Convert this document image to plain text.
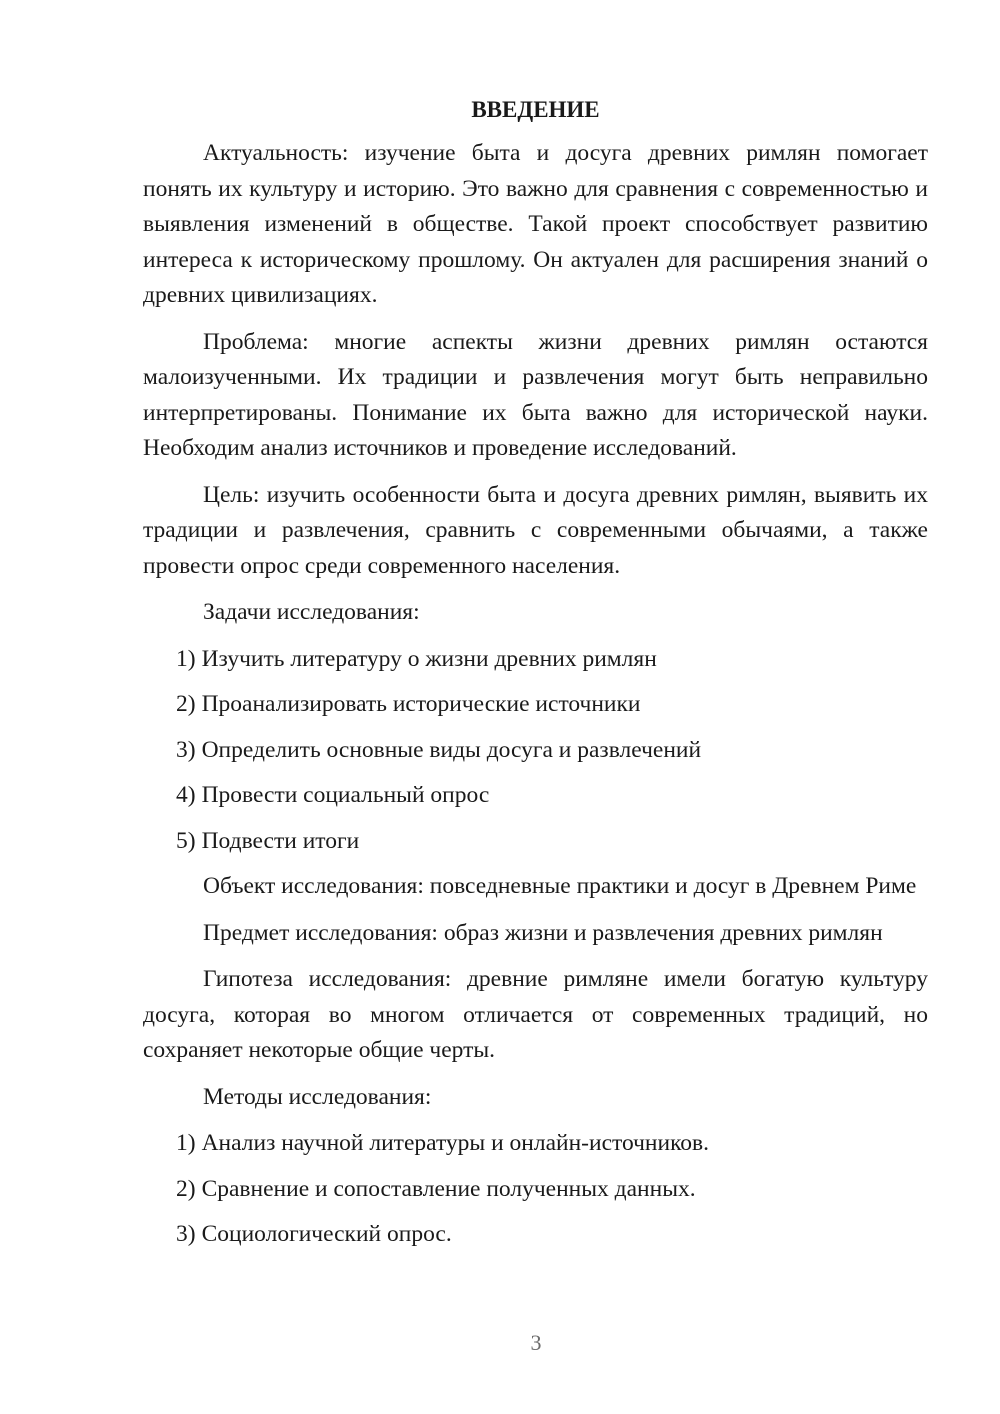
ВВЕДЕНИЕ

Актуальность: изучение быта и досуга древних римлян помогает понять их культуру и историю. Это важно для сравнения с современностью и выявления изменений в обществе. Такой проект способствует развитию интереса к историческому прошлому. Он актуален для расширения знаний о древних цивилизациях.

Проблема: многие аспекты жизни древних римлян остаются малоизученными. Их традиции и развлечения могут быть неправильно интерпретированы. Понимание их быта важно для исторической науки. Необходим анализ источников и проведение исследований.

Цель: изучить особенности быта и досуга древних римлян, выявить их традиции и развлечения, сравнить с современными обычаями, а также провести опрос среди современного населения.

Задачи исследования:

1) Изучить литературу о жизни древних римлян
2) Проанализировать исторические источники
3) Определить основные виды досуга и развлечений
4) Провести социальный опрос
5) Подвести итоги

Объект исследования: повседневные практики и досуг в Древнем Риме

Предмет исследования: образ жизни и развлечения древних римлян

Гипотеза исследования: древние римляне имели богатую культуру досуга, которая во многом отличается от современных традиций, но сохраняет некоторые общие черты.

Методы исследования:

1) Анализ научной литературы и онлайн-источников.
2) Сравнение и сопоставление полученных данных.
3) Социологический опрос.
3
